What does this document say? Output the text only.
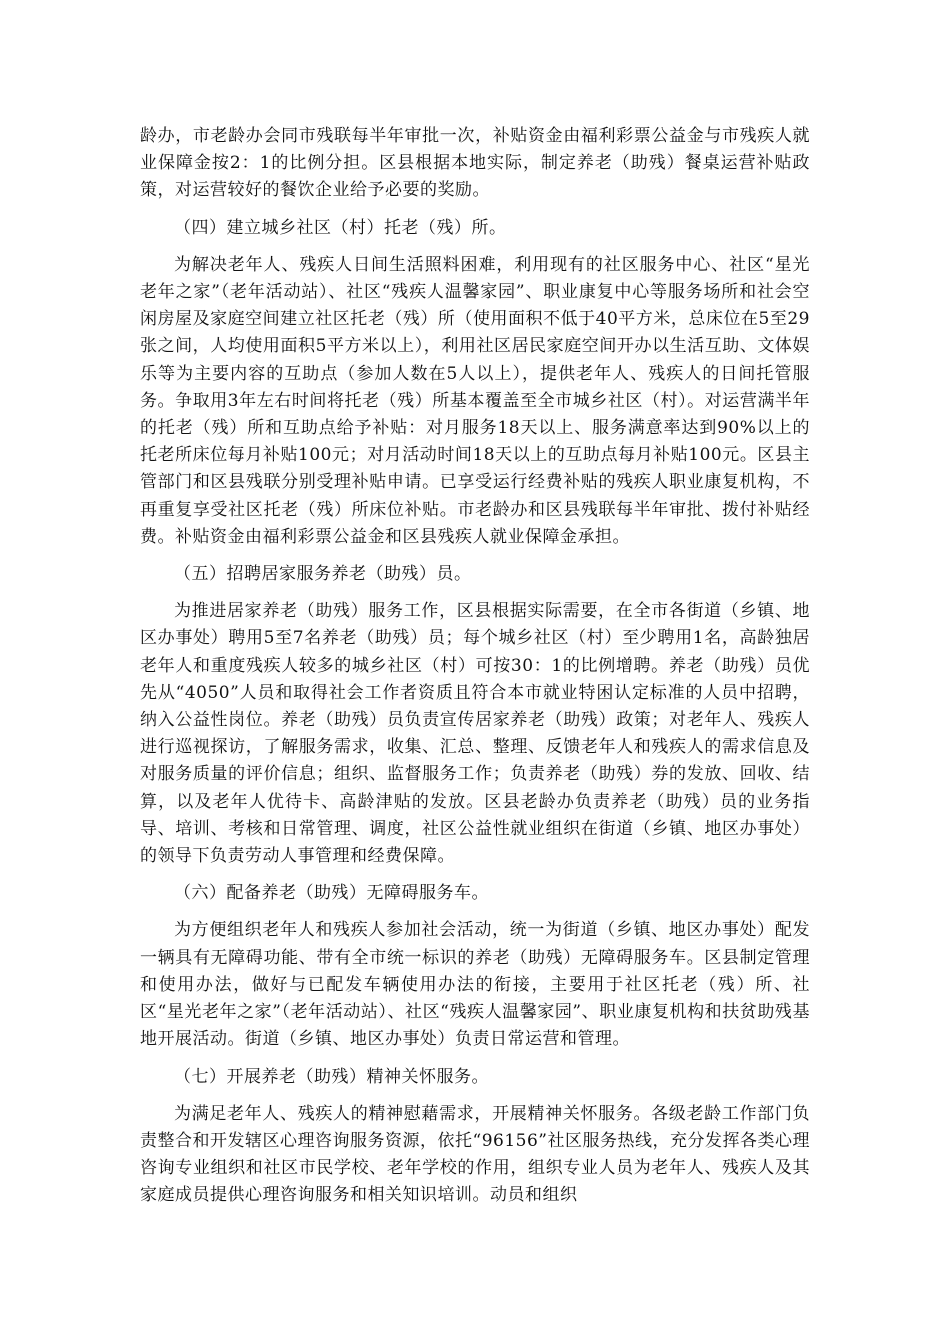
龄办，市老龄办会同市残联每半年审批一次，补贴资金由福利彩票公益金与市残疾人就业保障金按2：1的比例分担。区县根据本地实际，制定养老（助残）餐桌运营补贴政策，对运营较好的餐饮企业给予必要的奖励。

（四）建立城乡社区（村）托老（残）所。

为解决老年人、残疾人日间生活照料困难，利用现有的社区服务中心、社区“星光老年之家”（老年活动站）、社区“残疾人温馨家园”、职业康复中心等服务场所和社会空闲房屋及家庭空间建立社区托老（残）所（使用面积不低于40平方米，总床位在5至29张之间，人均使用面积5平方米以上），利用社区居民家庭空间开办以生活互助、文体娱乐等为主要内容的互助点（参加人数在5人以上），提供老年人、残疾人的日间托管服务。争取用3年左右时间将托老（残）所基本覆盖至全市城乡社区（村）。对运营满半年的托老（残）所和互助点给予补贴：对月服务18天以上、服务满意率达到90%以上的托老所床位每月补贴100元；对月活动时间18天以上的互助点每月补贴100元。区县主管部门和区县残联分别受理补贴申请。已享受运行经费补贴的残疾人职业康复机构，不再重复享受社区托老（残）所床位补贴。市老龄办和区县残联每半年审批、拨付补贴经费。补贴资金由福利彩票公益金和区县残疾人就业保障金承担。

（五）招聘居家服务养老（助残）员。

为推进居家养老（助残）服务工作，区县根据实际需要，在全市各街道（乡镇、地区办事处）聘用5至7名养老（助残）员；每个城乡社区（村）至少聘用1名，高龄独居老年人和重度残疾人较多的城乡社区（村）可按30：1的比例增聘。养老（助残）员优先从“4050”人员和取得社会工作者资质且符合本市就业特困认定标准的人员中招聘，纳入公益性岗位。养老（助残）员负责宣传居家养老（助残）政策；对老年人、残疾人进行巡视探访，了解服务需求，收集、汇总、整理、反馈老年人和残疾人的需求信息及对服务质量的评价信息；组织、监督服务工作；负责养老（助残）券的发放、回收、结算，以及老年人优待卡、高龄津贴的发放。区县老龄办负责养老（助残）员的业务指导、培训、考核和日常管理、调度，社区公益性就业组织在街道（乡镇、地区办事处）的领导下负责劳动人事管理和经费保障。

（六）配备养老（助残）无障碍服务车。

为方便组织老年人和残疾人参加社会活动，统一为街道（乡镇、地区办事处）配发一辆具有无障碍功能、带有全市统一标识的养老（助残）无障碍服务车。区县制定管理和使用办法，做好与已配发车辆使用办法的衔接，主要用于社区托老（残）所、社区“星光老年之家”（老年活动站）、社区“残疾人温馨家园”、职业康复机构和扶贫助残基地开展活动。街道（乡镇、地区办事处）负责日常运营和管理。

（七）开展养老（助残）精神关怀服务。

为满足老年人、残疾人的精神慰藉需求，开展精神关怀服务。各级老龄工作部门负责整合和开发辖区心理咨询服务资源，依托“96156”社区服务热线，充分发挥各类心理咨询专业组织和社区市民学校、老年学校的作用，组织专业人员为老年人、残疾人及其家庭成员提供心理咨询服务和相关知识培训。动员和组织
